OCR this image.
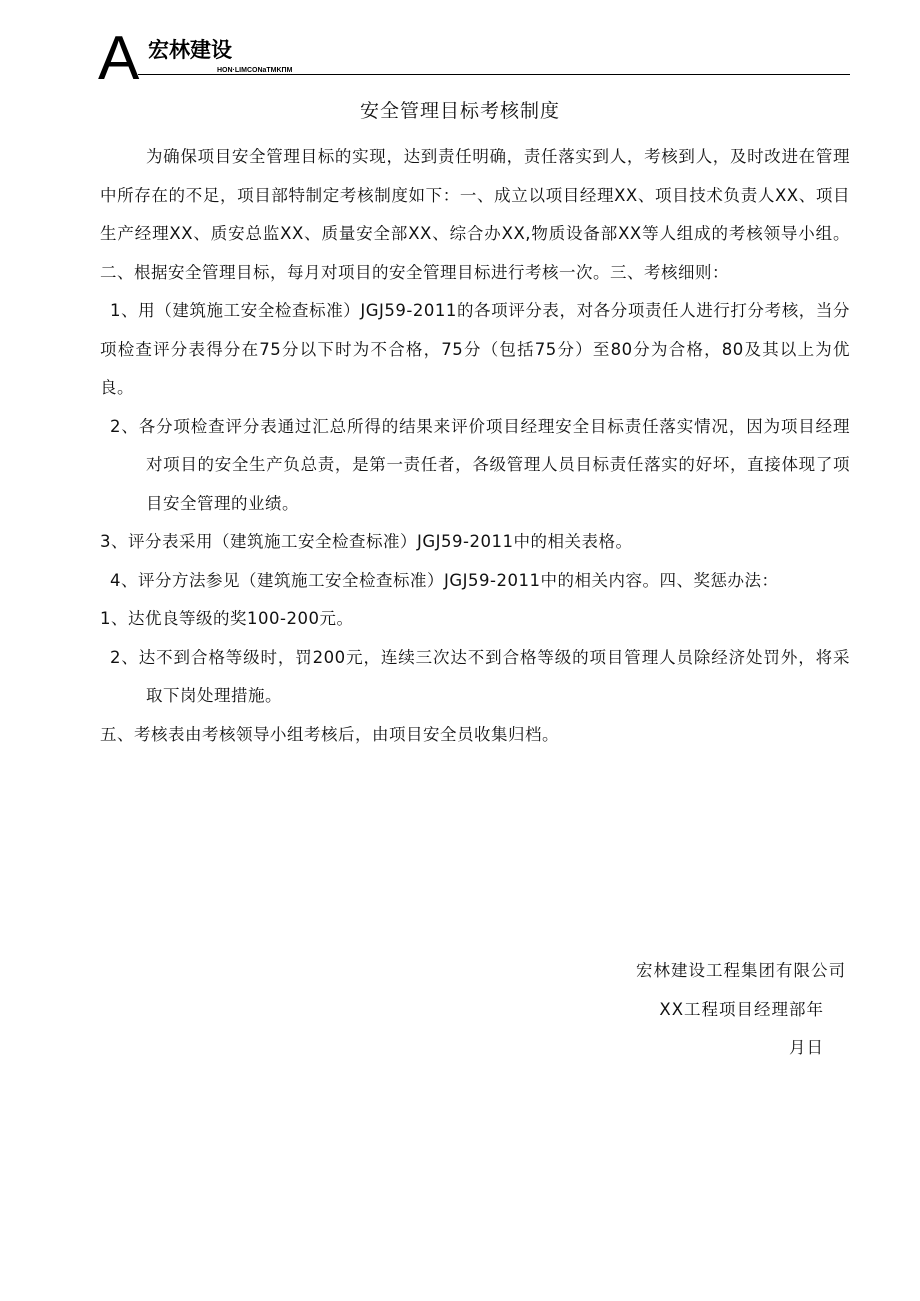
A 宏林建设
HON·LIMCONaTMKПM
安全管理目标考核制度

为确保项目安全管理目标的实现，达到责任明确，责任落实到人，考核到人，及时改进在管理中所存在的不足，项目部特制定考核制度如下：一、成立以项目经理XX、项目技术负责人XX、项目生产经理XX、质安总监XX、质量安全部XX、综合办XX,物质设备部XX等人组成的考核领导小组。二、根据安全管理目标，每月对项目的安全管理目标进行考核一次。三、考核细则：

1、用（建筑施工安全检查标准）JGJ59-2011的各项评分表，对各分项责任人进行打分考核，当分项检查评分表得分在75分以下时为不合格，75分（包括75分）至80分为合格，80及其以上为优良。

2、各分项检查评分表通过汇总所得的结果来评价项目经理安全目标责任落实情况，因为项目经理对项目的安全生产负总责，是第一责任者，各级管理人员目标责任落实的好坏，直接体现了项目安全管理的业绩。

3、评分表采用（建筑施工安全检查标准）JGJ59-2011中的相关表格。

4、评分方法参见（建筑施工安全检查标准）JGJ59-2011中的相关内容。四、奖惩办法：

1、达优良等级的奖100-200元。

2、达不到合格等级时，罚200元，连续三次达不到合格等级的项目管理人员除经济处罚外，将采取下岗处理措施。

五、考核表由考核领导小组考核后，由项目安全员收集归档。

宏林建设工程集团有限公司
XX工程项目经理部年
月日
